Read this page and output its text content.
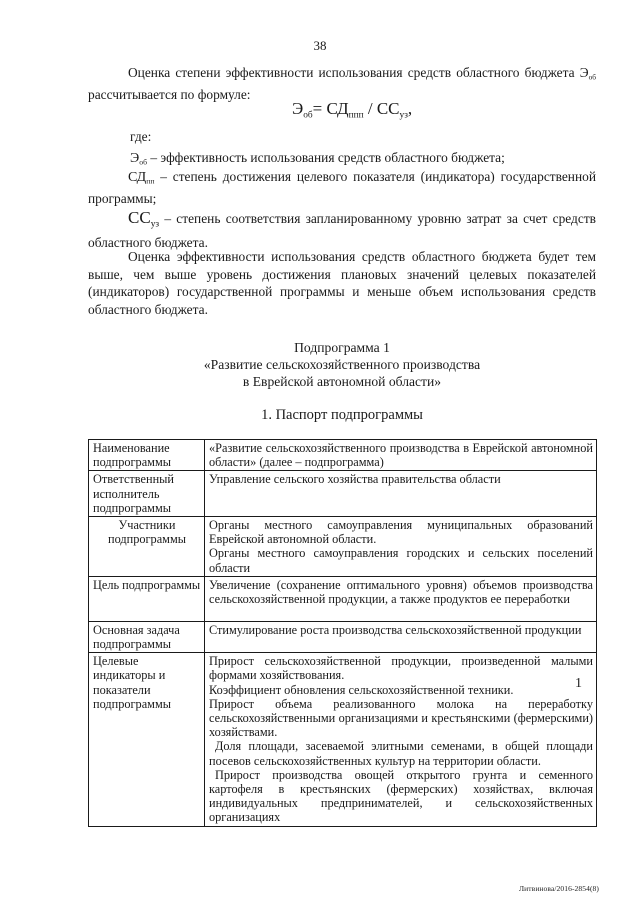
38

Оценка степени эффективности использования средств областного бюджета $Э_{об}$ рассчитывается по формуле:

$Э_{об}= СД_{ппп} / СС_{уз}$,

где:

$Э_{об}$ – эффективность использования средств областного бюджета;

$СД_{пп}$ – степень достижения целевого показателя (индикатора) государственной программы;

$СС_{уз}$ – степень соответствия запланированному уровню затрат за счет средств областного бюджета.

Оценка эффективности использования средств областного бюджета будет тем выше, чем выше уровень достижения плановых значений целевых показателей (индикаторов) государственной программы и меньше объем использования средств областного бюджета.

Подпрограмма 1

«Развитие сельскохозяйственного производства

в Еврейской автономной области»

1. Паспорт подпрограммы

Наименование подпрограммы	«Развитие сельскохозяйственного производства в Еврейской автономной области» (далее – подпрограмма)

Ответственный исполнитель подпрограммы	Управление сельского хозяйства правительства области

Участники подпрограммы	Органы местного самоуправления муниципальных образований Еврейской автономной области.

Органы местного самоуправления городских и сельских поселений области

Цель подпрограммы	Увеличение (сохранение оптимального уровня) объемов производства сельскохозяйственной продукции, а также продуктов ее переработки

Основная задача подпрограммы	Стимулирование роста производства сельскохозяйственной продукции

Целевые индикаторы и показатели подпрограммы	Прирост сельскохозяйственной продукции, произведенной малыми формами хозяйствования.

Коэффициент обновления сельскохозяйственной техники.

Прирост объема реализованного молока на переработку сельскохозяйственными организациями и крестьянскими (фермерскими) хозяйствами.

Доля площади, засеваемой элитными семенами, в общей площади посевов сельскохозяйственных культур на территории области.

Прирост производства овощей открытого грунта и семенного картофеля в крестьянских (фермерских) хозяйствах, включая индивидуальных предпринимателей, и сельскохозяйственных организациях

1
Литвинова/2016-2854(8)
